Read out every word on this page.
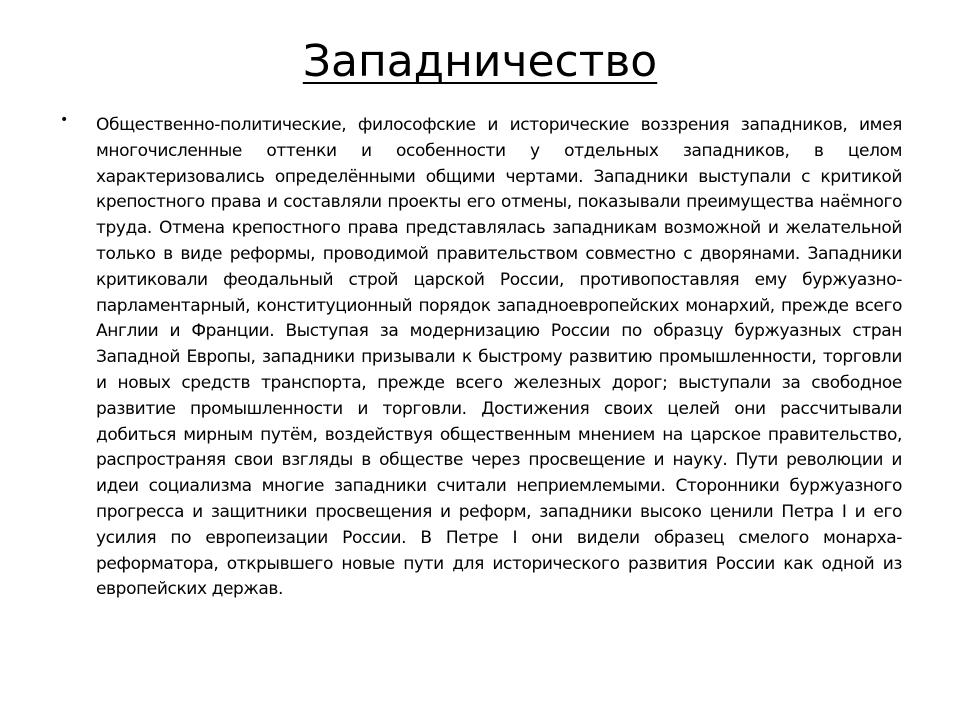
Западничество
• Общественно-политические, философские и исторические воззрения западников, имея многочисленные оттенки и особенности у отдельных западников, в целом характеризовались определёнными общими чертами. Западники выступали с критикой крепостного права и составляли проекты его отмены, показывали преимущества наёмного труда. Отмена крепостного права представлялась западникам возможной и желательной только в виде реформы, проводимой правительством совместно с дворянами. Западники критиковали феодальный строй царской России, противопоставляя ему буржуазно-парламентарный, конституционный порядок западноевропейских монархий, прежде всего Англии и Франции. Выступая за модернизацию России по образцу буржуазных стран Западной Европы, западники призывали к быстрому развитию промышленности, торговли и новых средств транспорта, прежде всего железных дорог; выступали за свободное развитие промышленности и торговли. Достижения своих целей они рассчитывали добиться мирным путём, воздействуя общественным мнением на царское правительство, распространяя свои взгляды в обществе через просвещение и науку. Пути революции и идеи социализма многие западники считали неприемлемыми. Сторонники буржуазного прогресса и защитники просвещения и реформ, западники высоко ценили Петра I и его усилия по европеизации России. В Петре I они видели образец смелого монарха-реформатора, открывшего новые пути для исторического развития России как одной из европейских держав.
